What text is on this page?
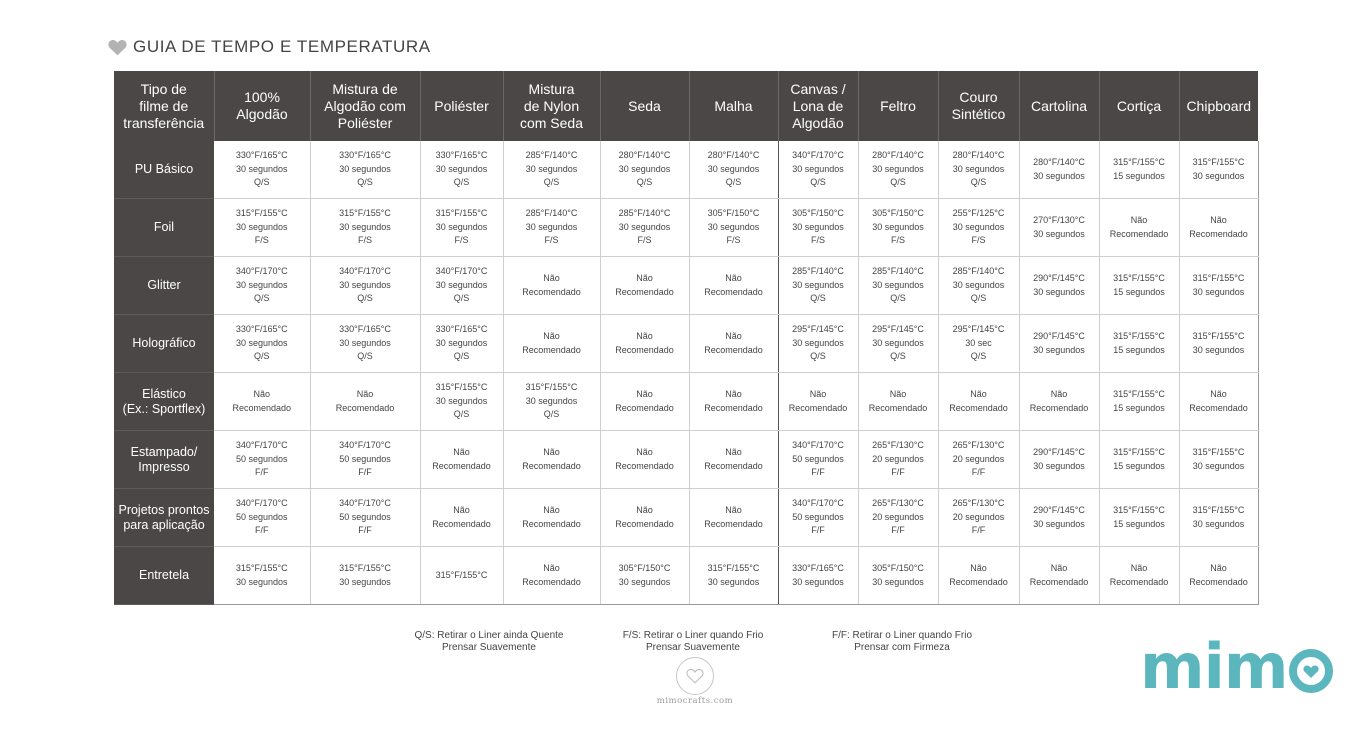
GUIA DE TEMPO E TEMPERATURA
Tipo de
filme de
transferência	100%
Algodão	Mistura de
Algodão com
Poliéster	Poliéster	Mistura
de Nylon
com Seda	Seda	Malha	Canvas /
Lona de
Algodão	Feltro	Couro
Sintético	Cartolina	Cortiça	Chipboard

PU Básico	330°F/165°C
30 segundos
Q/S	330°F/165°C
30 segundos
Q/S	330°F/165°C
30 segundos
Q/S	285°F/140°C
30 segundos
Q/S	280°F/140°C
30 segundos
Q/S	280°F/140°C
30 segundos
Q/S	340°F/170°C
30 segundos
Q/S	280°F/140°C
30 segundos
Q/S	280°F/140°C
30 segundos
Q/S	280°F/140°C
30 segundos	315°F/155°C
15 segundos	315°F/155°C
30 segundos

Foil	315°F/155°C
30 segundos
F/S	315°F/155°C
30 segundos
F/S	315°F/155°C
30 segundos
F/S	285°F/140°C
30 segundos
F/S	285°F/140°C
30 segundos
F/S	305°F/150°C
30 segundos
F/S	305°F/150°C
30 segundos
F/S	305°F/150°C
30 segundos
F/S	255°F/125°C
30 segundos
F/S	270°F/130°C
30 segundos	Não
Recomendado	Não
Recomendado

Glitter	340°F/170°C
30 segundos
Q/S	340°F/170°C
30 segundos
Q/S	340°F/170°C
30 segundos
Q/S	Não
Recomendado	Não
Recomendado	Não
Recomendado	285°F/140°C
30 segundos
Q/S	285°F/140°C
30 segundos
Q/S	285°F/140°C
30 segundos
Q/S	290°F/145°C
30 segundos	315°F/155°C
15 segundos	315°F/155°C
30 segundos

Holográfico	330°F/165°C
30 segundos
Q/S	330°F/165°C
30 segundos
Q/S	330°F/165°C
30 segundos
Q/S	Não
Recomendado	Não
Recomendado	Não
Recomendado	295°F/145°C
30 segundos
Q/S	295°F/145°C
30 segundos
Q/S	295°F/145°C
30 sec
Q/S	290°F/145°C
30 segundos	315°F/155°C
15 segundos	315°F/155°C
30 segundos

Elástico
(Ex.: Sportflex)	Não
Recomendado	Não
Recomendado	315°F/155°C
30 segundos
Q/S	315°F/155°C
30 segundos
Q/S	Não
Recomendado	Não
Recomendado	Não
Recomendado	Não
Recomendado	Não
Recomendado	Não
Recomendado	315°F/155°C
15 segundos	Não
Recomendado

Estampado/
Impresso	340°F/170°C
50 segundos
F/F	340°F/170°C
50 segundos
F/F	Não
Recomendado	Não
Recomendado	Não
Recomendado	Não
Recomendado	340°F/170°C
50 segundos
F/F	265°F/130°C
20 segundos
F/F	265°F/130°C
20 segundos
F/F	290°F/145°C
30 segundos	315°F/155°C
15 segundos	315°F/155°C
30 segundos

Projetos prontos
para aplicação	340°F/170°C
50 segundos
F/F	340°F/170°C
50 segundos
F/F	Não
Recomendado	Não
Recomendado	Não
Recomendado	Não
Recomendado	340°F/170°C
50 segundos
F/F	265°F/130°C
20 segundos
F/F	265°F/130°C
20 segundos
F/F	290°F/145°C
30 segundos	315°F/155°C
15 segundos	315°F/155°C
30 segundos

Entretela	315°F/155°C
30 segundos	315°F/155°C
30 segundos	315°F/155°C	Não
Recomendado	305°F/150°C
30 segundos	315°F/155°C
30 segundos	330°F/165°C
30 segundos	305°F/150°C
30 segundos	Não
Recomendado	Não
Recomendado	Não
Recomendado	Não
Recomendado
Q/S: Retirar o Liner ainda Quente
Prensar Suavemente
F/S: Retirar o Liner quando Frio
Prensar Suavemente
F/F: Retirar o Liner quando Frio
Prensar com Firmeza
mimocrafts.com	mim
